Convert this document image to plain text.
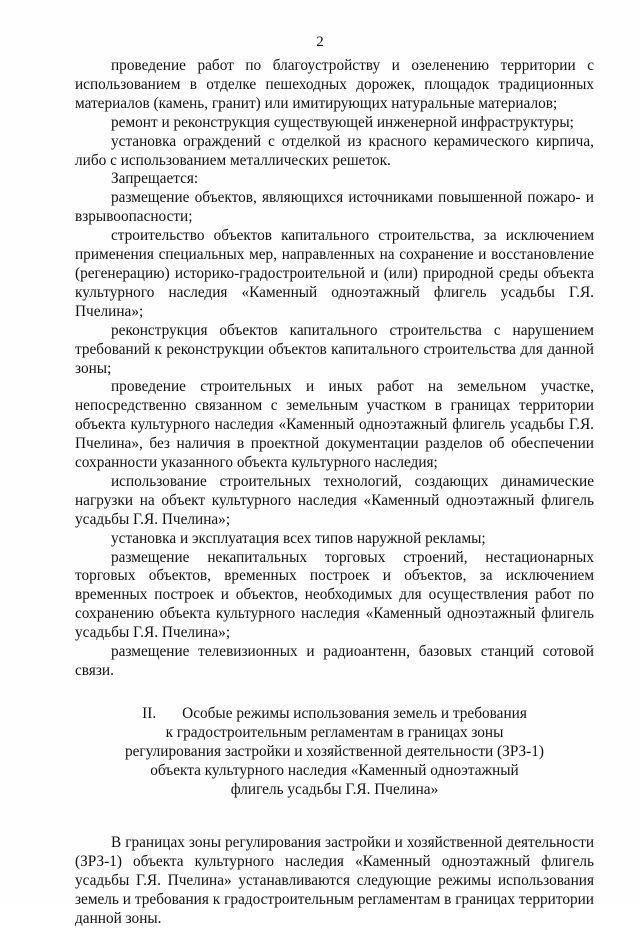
2

проведение работ по благоустройству и озеленению территории с использованием в отделке пешеходных дорожек, площадок традиционных материалов (камень, гранит) или имитирующих натуральные материалов;

ремонт и реконструкция существующей инженерной инфраструктуры;

установка ограждений с отделкой из красного керамического кирпича, либо с использованием металлических решеток.

Запрещается:

размещение объектов, являющихся источниками повышенной пожаро- и взрывоопасности;

строительство объектов капитального строительства, за исключением применения специальных мер, направленных на сохранение и восстановление (регенерацию) историко-градостроительной и (или) природной среды объекта культурного наследия «Каменный одноэтажный флигель усадьбы Г.Я. Пчелина»;

реконструкция объектов капитального строительства с нарушением требований к реконструкции объектов капитального строительства для данной зоны;

проведение строительных и иных работ на земельном участке, непосредственно связанном с земельным участком в границах территории объекта культурного наследия «Каменный одноэтажный флигель усадьбы Г.Я. Пчелина», без наличия в проектной документации разделов об обеспечении сохранности указанного объекта культурного наследия;

использование строительных технологий, создающих динамические нагрузки на объект культурного наследия «Каменный одноэтажный флигель усадьбы Г.Я. Пчелина»;

установка и эксплуатация всех типов наружной рекламы;

размещение некапитальных торговых строений, нестационарных торговых объектов, временных построек и объектов, за исключением временных построек и объектов, необходимых для осуществления работ по сохранению объекта культурного наследия «Каменный одноэтажный флигель усадьбы Г.Я. Пчелина»;

размещение телевизионных и радиоантенн, базовых станций сотовой связи.

II. Особые режимы использования земель и требования
к градостроительным регламентам в границах зоны
регулирования застройки и хозяйственной деятельности (ЗРЗ-1)
объекта культурного наследия «Каменный одноэтажный
флигель усадьбы Г.Я. Пчелина»

В границах зоны регулирования застройки и хозяйственной деятельности (ЗРЗ-1) объекта культурного наследия «Каменный одноэтажный флигель усадьбы Г.Я. Пчелина» устанавливаются следующие режимы использования земель и требования к градостроительным регламентам в границах территории данной зоны.
